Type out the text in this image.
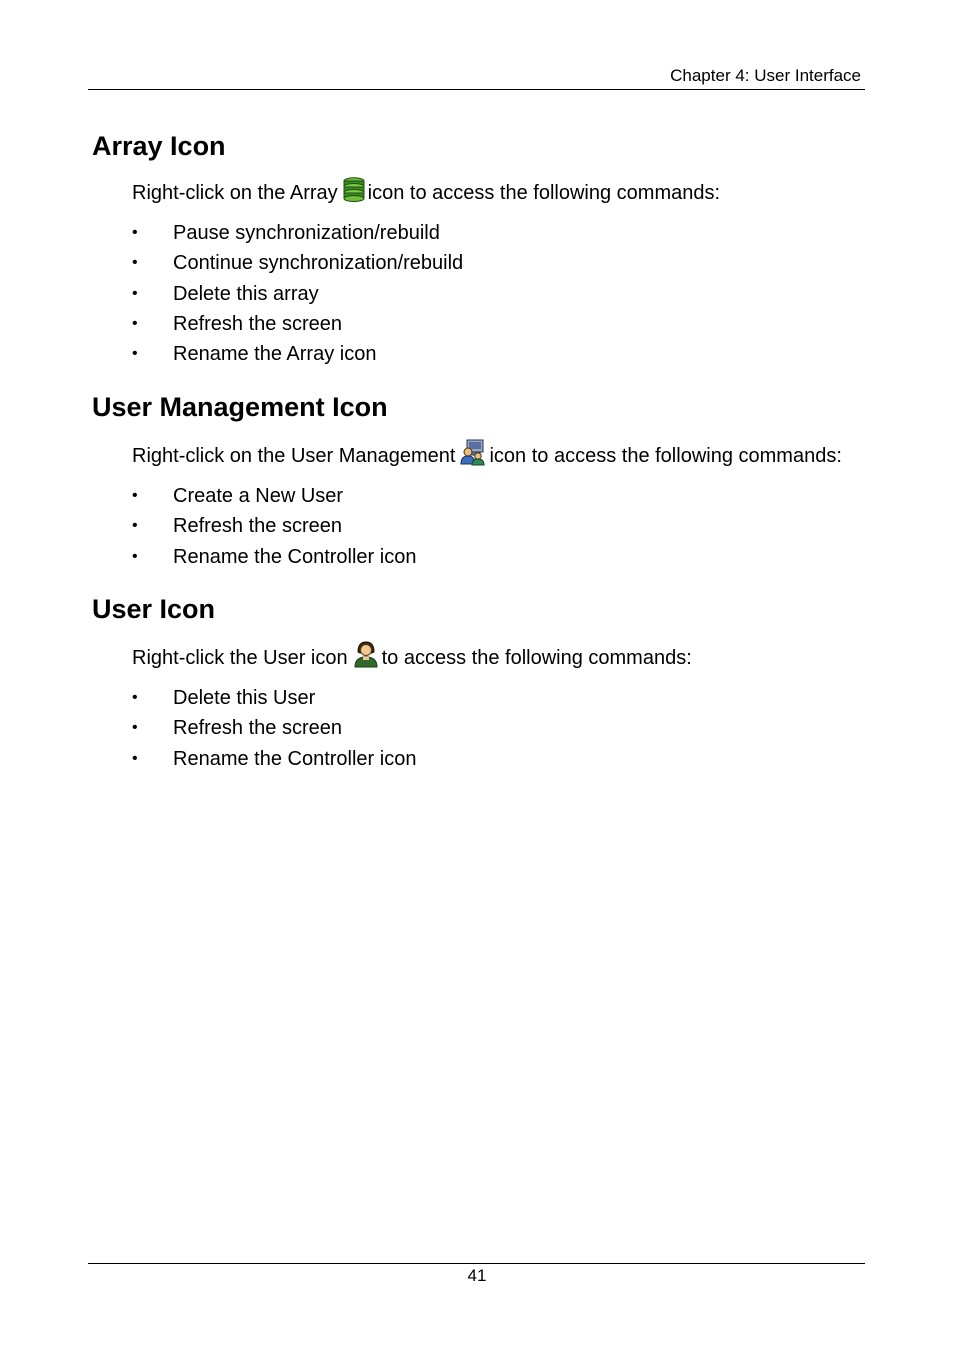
Chapter 4: User Interface
Array Icon
Right-click on the Array icon to access the following commands:
• Pause synchronization/rebuild
• Continue synchronization/rebuild
• Delete this array
• Refresh the screen
• Rename the Array icon
User Management Icon
Right-click on the User Management icon to access the following commands:
• Create a New User
• Refresh the screen
• Rename the Controller icon
User Icon
Right-click the User icon to access the following commands:
• Delete this User
• Refresh the screen
• Rename the Controller icon
41
